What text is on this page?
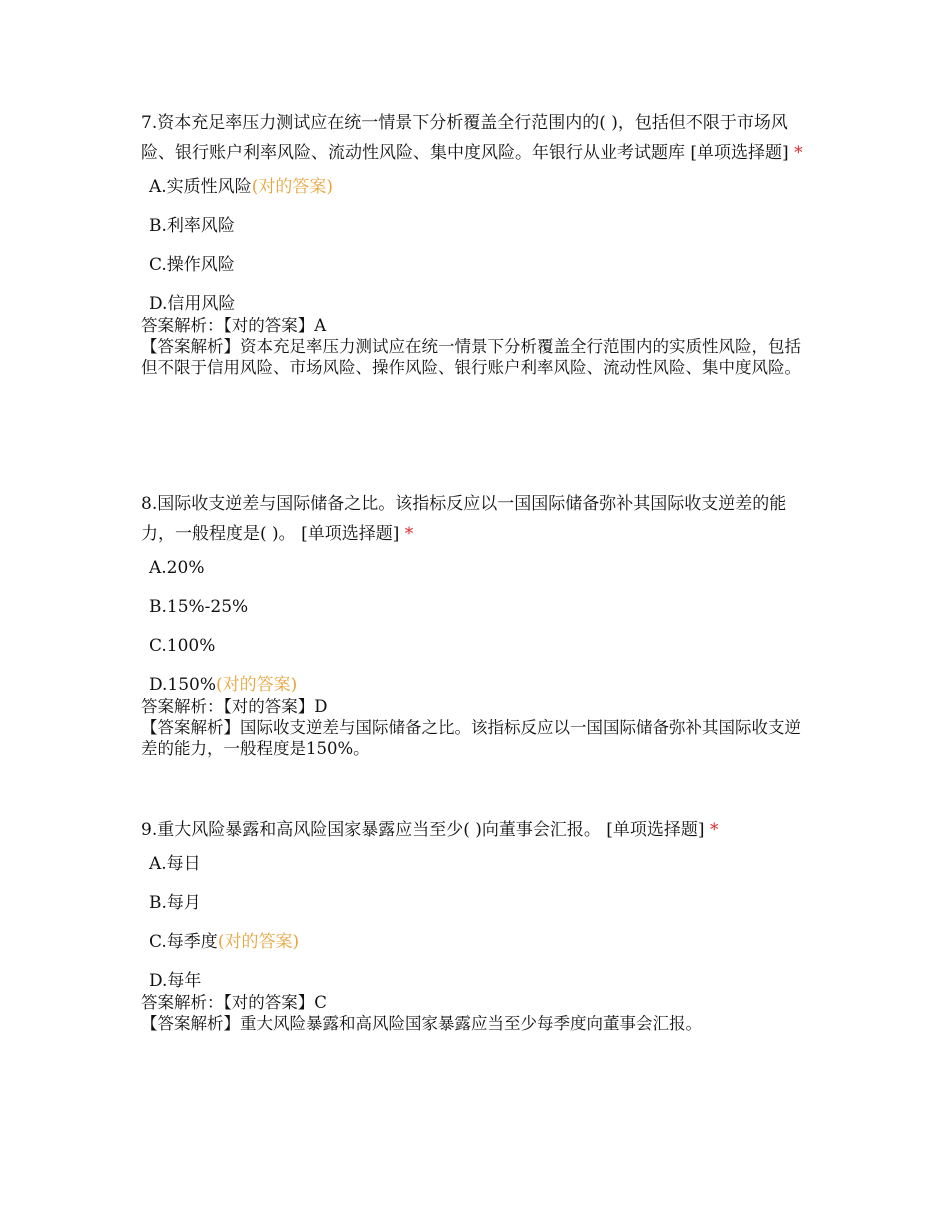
7.资本充足率压力测试应在统一情景下分析覆盖全行范围内的( )，包括但不限于市场风险、银行账户利率风险、流动性风险、集中度风险。年银行从业考试题库 [单项选择题] *

A.实质性风险(对的答案)
B.利率风险
C.操作风险
D.信用风险

答案解析：【对的答案】A

【答案解析】资本充足率压力测试应在统一情景下分析覆盖全行范围内的实质性风险，包括但不限于信用风险、市场风险、操作风险、银行账户利率风险、流动性风险、集中度风险。

8.国际收支逆差与国际储备之比。该指标反应以一国国际储备弥补其国际收支逆差的能力，一般程度是( )。 [单项选择题] *

A.20%
B.15%-25%
C.100%
D.150%(对的答案)

答案解析：【对的答案】D

【答案解析】国际收支逆差与国际储备之比。该指标反应以一国国际储备弥补其国际收支逆差的能力，一般程度是150%。

9.重大风险暴露和高风险国家暴露应当至少( )向董事会汇报。 [单项选择题] *

A.每日
B.每月
C.每季度(对的答案)
D.每年

答案解析：【对的答案】C

【答案解析】重大风险暴露和高风险国家暴露应当至少每季度向董事会汇报。
